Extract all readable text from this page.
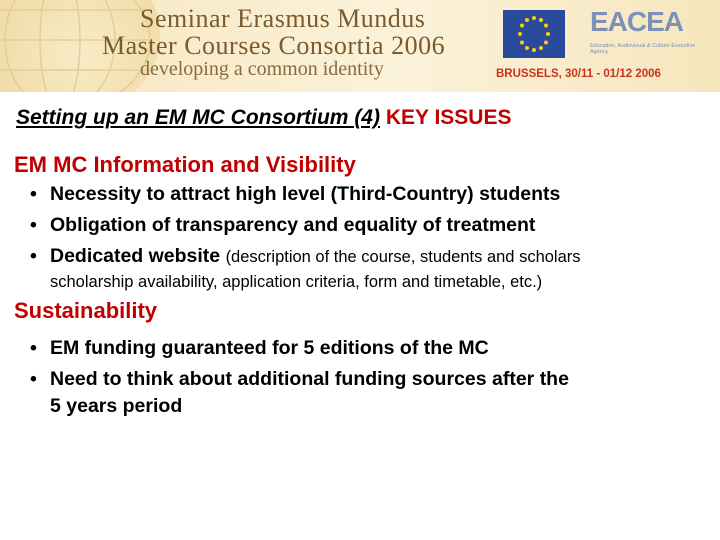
Seminar Erasmus Mundus
Master Courses Consortia 2006
developing a common identity
EACEA
Education, Audiovisual & Culture Executive Agency
BRUSSELS, 30/11 - 01/12 2006
Setting up an EM MC Consortium (4) KEY ISSUES
EM MC Information and Visibility
• Necessity to attract high level (Third-Country) students
• Obligation of transparency and equality of treatment
• Dedicated website (description of the course, students and scholars
scholarship availability, application criteria, form and timetable, etc.)
Sustainability
• EM funding guaranteed for 5 editions of the MC
• Need to think about additional funding sources after the
5 years period
